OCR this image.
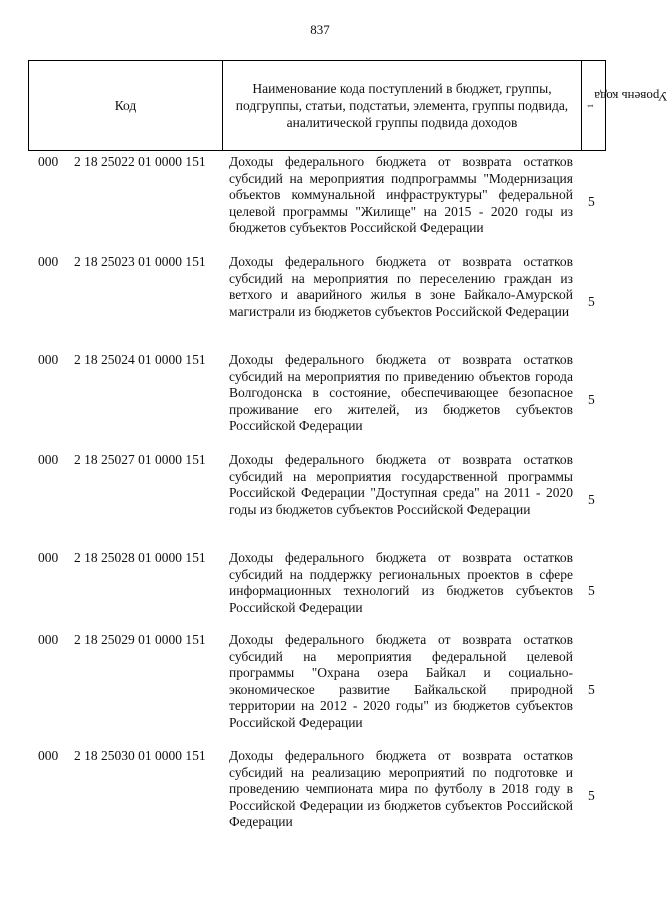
837
Код
Наименование кода поступлений в бюджет, группы, подгруппы, статьи, подстатьи, элемента, группы подвида, аналитической группы подвида доходов
Уровень кода
$^1$
000 2 18 25022 01 0000 151 Доходы федерального бюджета от возврата остатков субсидий на мероприятия подпрограммы "Модернизация объектов коммунальной инфраструктуры" федеральной целевой программы "Жилище" на 2015 - 2020 годы из бюджетов субъектов Российской Федерации
5
000 2 18 25023 01 0000 151 Доходы федерального бюджета от возврата остатков субсидий на мероприятия по переселению граждан из ветхого и аварийного жилья в зоне Байкало-Амурской магистрали из бюджетов субъектов Российской Федерации
5
000 2 18 25024 01 0000 151 Доходы федерального бюджета от возврата остатков субсидий на мероприятия по приведению объектов города Волгодонска в состояние, обеспечивающее безопасное проживание его жителей, из бюджетов субъектов Российской Федерации
5
000 2 18 25027 01 0000 151 Доходы федерального бюджета от возврата остатков субсидий на мероприятия государственной программы Российской Федерации "Доступная среда" на 2011 - 2020 годы из бюджетов субъектов Российской Федерации
5
000 2 18 25028 01 0000 151 Доходы федерального бюджета от возврата остатков субсидий на поддержку региональных проектов в сфере информационных технологий из бюджетов субъектов Российской Федерации
5
000 2 18 25029 01 0000 151 Доходы федерального бюджета от возврата остатков субсидий на мероприятия федеральной целевой программы "Охрана озера Байкал и социально-экономическое развитие Байкальской природной территории на 2012 - 2020 годы" из бюджетов субъектов Российской Федерации
5
000 2 18 25030 01 0000 151 Доходы федерального бюджета от возврата остатков субсидий на реализацию мероприятий по подготовке и проведению чемпионата мира по футболу в 2018 году в Российской Федерации из бюджетов субъектов Российской Федерации
5
